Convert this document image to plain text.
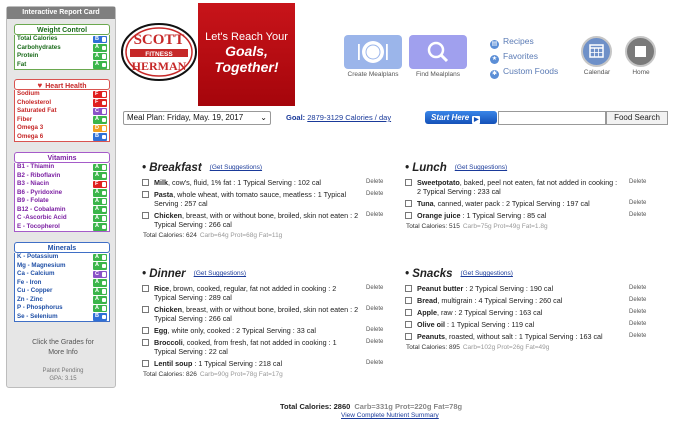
Interactive Report Card
Weight Control
Total Calories	B
Carbohydrates	A
Protein	A
Fat	A
♥ Heart Health
Sodium	F
Cholesterol	F
Saturated Fat	C
Fiber	A
Omega 3	D
Omega 6	B
Vitamins
B1 - Thiamin	A
B2 - Riboflavin	A
B3 - Niacin	F
B6 - Pyridoxine	A
B9 - Folate	A
B12 - Cobalamin	A
C -Ascorbic Acid	A
E - Tocopherol	A
Minerals
K - Potassium	A
Mg - Magnesium	A
Ca - Calcium	C
Fe - Iron	A
Cu - Copper	A
Zn - Zinc	A
P - Phosphorus	A
Se - Selenium	B
Click the Grades for More Info
Patent Pending
GPA: 3.15
SCOTT
FITNESS
HERMAN
Let's Reach Your
Goals, Together!	Create Mealplans	Find Mealplans
▤ Recipes
★ Favorites
✱ Custom Foods	Calendar	Home
Meal Plan: Friday, May. 19, 2017 ⌄	Goal: 2879-3129 Calories / day	Start Here ▶	Food Search
• Breakfast (Get Suggestions)
Milk, cow's, fluid, 1% fat : 1 Typical Serving : 102 cal	Delete
Pasta, whole wheat, with tomato sauce, meatless : 1 Typical Serving : 257 cal
Delete
Chicken, breast, with or without bone, broiled, skin not eaten : 2 Typical Serving : 266 cal
Delete
Total Calories: 624 Carb=64g Prot=68g Fat=11g
• Lunch (Get Suggestions)
Sweetpotato, baked, peel not eaten, fat not added in cooking : 2 Typical Serving : 233 cal
Delete
Tuna, canned, water pack : 2 Typical Serving : 197 cal	Delete
Orange juice : 1 Typical Serving : 85 cal	Delete
Total Calories: 515 Carb=75g Prot=49g Fat=1.8g
• Dinner (Get Suggestions)
Rice, brown, cooked, regular, fat not added in cooking : 2 Typical Serving : 289 cal
Delete
Chicken, breast, with or without bone, broiled, skin not eaten : 2 Typical Serving : 266 cal
Delete
Egg, white only, cooked : 2 Typical Serving : 33 cal	Delete
Broccoli, cooked, from fresh, fat not added in cooking : 1 Typical Serving : 22 cal
Delete
Lentil soup : 1 Typical Serving : 218 cal	Delete
Total Calories: 826 Carb=90g Prot=78g Fat=17g
• Snacks (Get Suggestions)
Peanut butter : 2 Typical Serving : 190 cal	Delete
Bread, multigrain : 4 Typical Serving : 260 cal	Delete
Apple, raw : 2 Typical Serving : 163 cal	Delete
Olive oil : 1 Typical Serving : 119 cal	Delete
Peanuts, roasted, without salt : 1 Typical Serving : 163 cal	Delete
Total Calories: 895 Carb=102g Prot=26g Fat=49g
Total Calories: 2860 Carb=331g Prot=220g Fat=78g
View Complete Nutrient Summary
